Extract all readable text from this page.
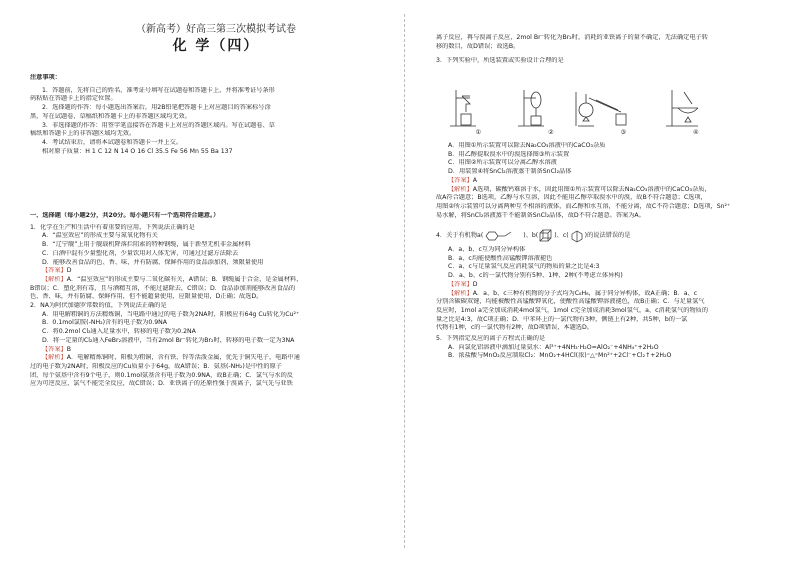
（新高考）好高三第三次模拟考试卷
化 学（四）

注意事项：

1．答题前，先将自己的姓名、准考证号填写在试题卷和答题卡上，并将准考证号条形

码粘贴在答题卡上的指定位置。

2．选择题的作答：每小题选出答案后，用2B铅笔把答题卡上对应题目的答案标号涂

黑，写在试题卷、草稿纸和答题卡上的非答题区域均无效。

3．非选择题的作答：用签字笔直接答在答题卡上对应的答题区域内。写在试题卷、草

稿纸和答题卡上的非答题区域均无效。

4．考试结束后，请将本试题卷和答题卡一并上交。

相对原子质量：H 1 C 12 N 14 O 16 Cl 35.5 Fe 56 Mn 55 Ba 137

一、选择题（每小题2分，共20分。每小题只有一个选项符合题意。）

1．化学在生产和生活中有着重要的应用，下列说法正确的是

A．“温室效应”的形成主要与氮氧化物有关

B．“辽宁舰”上用于舰载机降落拦阻索的特种钢缆，属于新型无机非金属材料

C．白酒中混有少量塑化剂，少量饮用对人体无害，可通过过滤方法除去

D．能够改善食品的色、香、味，并有防腐、保鲜作用的食品添加剂，须限量使用

【答案】D

【解析】A．“温室效应”的形成主要与二氧化碳有关，A错误；B．钢缆属于合金，是金属材料，

B错误；C．塑化剂有毒，且与酒精互溶，不能过滤除去，C错误；D．食品添加剂能够改善食品的

色、香、味，并有防腐、保鲜作用，但不能超量使用，应限量使用，D正确；故选D。

2．NA为阿伏加德罗常数的值，下列说法正确的是

A．用电解粗铜的方法精炼铜，当电路中通过的电子数为2NA时，阳极应有64g Cu转化为Cu²⁺

B．0.1mol氯胺(-NH₂)含有的电子数为0.9NA

C．将0.2mol Cl₂通入足量水中，转移的电子数为0.2NA

D．将一定量的Cl₂通入FeBr₂溶液中，当有2mol Br⁻转化为Br₂时，转移的电子数一定为3NA

【答案】B

【解析】A．电解精炼铜时，阳极为粗铜，含有铁、锌等活泼金属，优先于铜失电子，电路中通

过的电子数为2NA时，阳极反应的Cu质量小于64g，故A错误；B．氨基(-NH₂)是中性的原子

团，每个氨基中含有9个电子，则0.1mol氨基含有电子数为0.9NA，故B正确；C．氯气与水的反

应为可逆反应，氯气不能完全反应，故C错误；D．亚铁离子的还原性强于溴离子，氯气先与亚铁

离子反应，再与溴离子反应，2mol Br⁻转化为Br₂时，消耗的亚铁离子的量不确定，无法确定电子转

移的数目，故D错误；故选B。

3．下列实验中，所选装置或实验设计合理的是

①	②	③	④

A．用图①所示装置可以除去Na₂CO₃溶液中的CaCO₃杂质

B．用乙醇提取溴水中的溴选择图③所示装置

C．用图②所示装置可以分离乙醇水溶液

D．用装置④将SnCl₂溶液蒸干制备SnCl₂晶体

【答案】A

【解析】A选项，碳酸钙难溶于水，固此用图①所示装置可以除去Na₂CO₃溶液中的CaCO₃杂质，

故A符合题意；B选项，乙醇与水互溶，因此不能用乙醇萃取溴水中的溴，故B不符合题意；C选项，

用图②所示装置可以分离两种互不相溶的液体，而乙醇和水互溶，不能分离，故C不符合题意；D选项，Sn²⁺

易水解，将SnCl₂溶液蒸干不能制备SnCl₂晶体，故D不符合题意。答案为A。

4．关于有机物a(	)、b(	)、c(	)的说法错误的是

A．a、b、c互为同分异构体

B．a、c均能使酸性高锰酸钾溶液褪色

C．a、c与足量氢气反应消耗氢气的物质的量之比是4:3

D．a、b、c的一氯代物分别有5种、1种、2种(不考虑立体异构)

【答案】D

【解析】A．a、b、c三种有机物的分子式均为C₈H₈，属于同分异构体，故A正确；B．a、c

分别含碳碳双键，均能被酸性高锰酸钾氧化，使酸性高锰酸钾溶液褪色，故B正确；C．与足量氢气

反应时，1mol a完全加成消耗4mol氢气，1mol c完全加成消耗3mol氢气，a、c消耗氢气的物质的

量之比是4:3，故C项正确；D．中苯环上的一氯代物有3种，侧链上有2种，共5种，b的一氯

代物有1种，c的一氯代物有2种，故D项错误，本题选D。

5．下列指定反应的离子方程式正确的是

A．向氯化铝溶液中滴加过量氨水：Al³⁺+4NH₃·H₂O=AlO₂⁻+4NH₄⁺+2H₂O

B．浓盐酸与MnO₂反应制取Cl₂：MnO₂+4HCl(浓)⁼△⁼Mn²⁺+2Cl⁻+Cl₂↑+2H₂O
